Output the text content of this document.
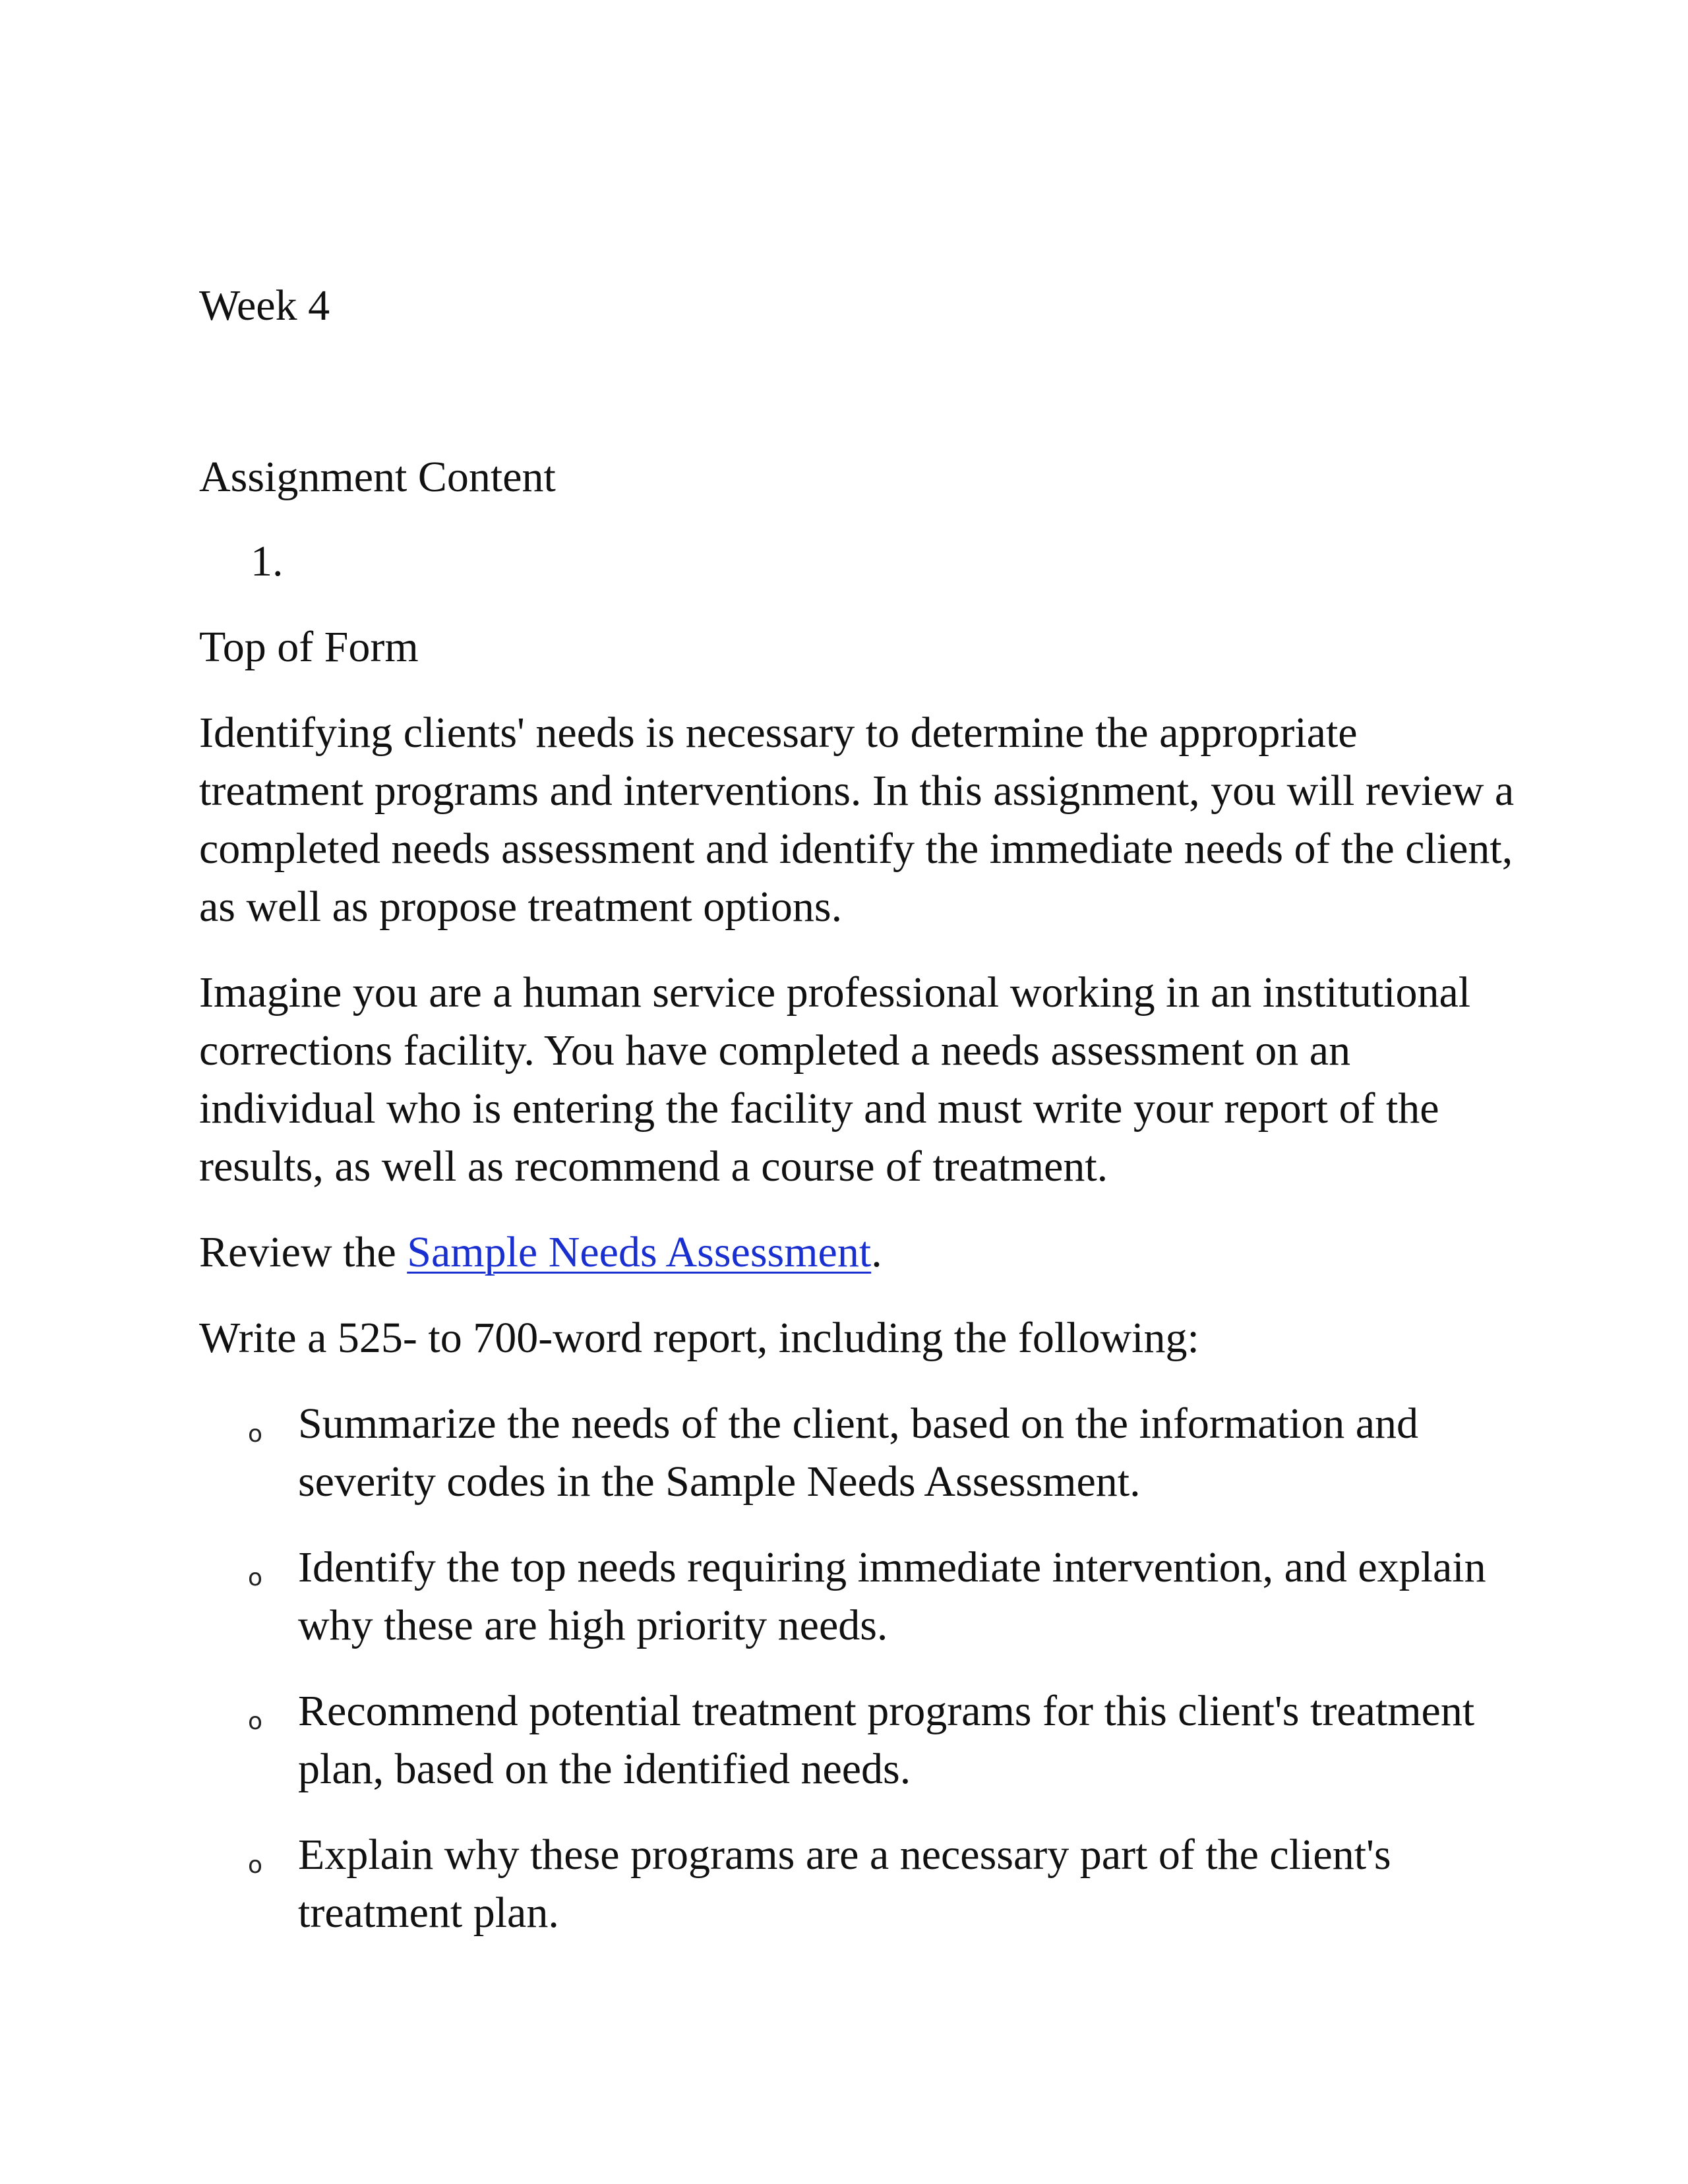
Week 4

Assignment Content

1.

Top of Form

Identifying clients' needs is necessary to determine the appropriate treatment programs and interventions. In this assignment, you will review a completed needs assessment and identify the immediate needs of the client, as well as propose treatment options.

Imagine you are a human service professional working in an institutional corrections facility. You have completed a needs assessment on an individual who is entering the facility and must write your report of the results, as well as recommend a course of treatment.

Review the Sample Needs Assessment.

Write a 525- to 700-word report, including the following:

o Summarize the needs of the client, based on the information and severity codes in the Sample Needs Assessment.
o Identify the top needs requiring immediate intervention, and explain why these are high priority needs.
o Recommend potential treatment programs for this client's treatment plan, based on the identified needs.
o Explain why these programs are a necessary part of the client's treatment plan.
